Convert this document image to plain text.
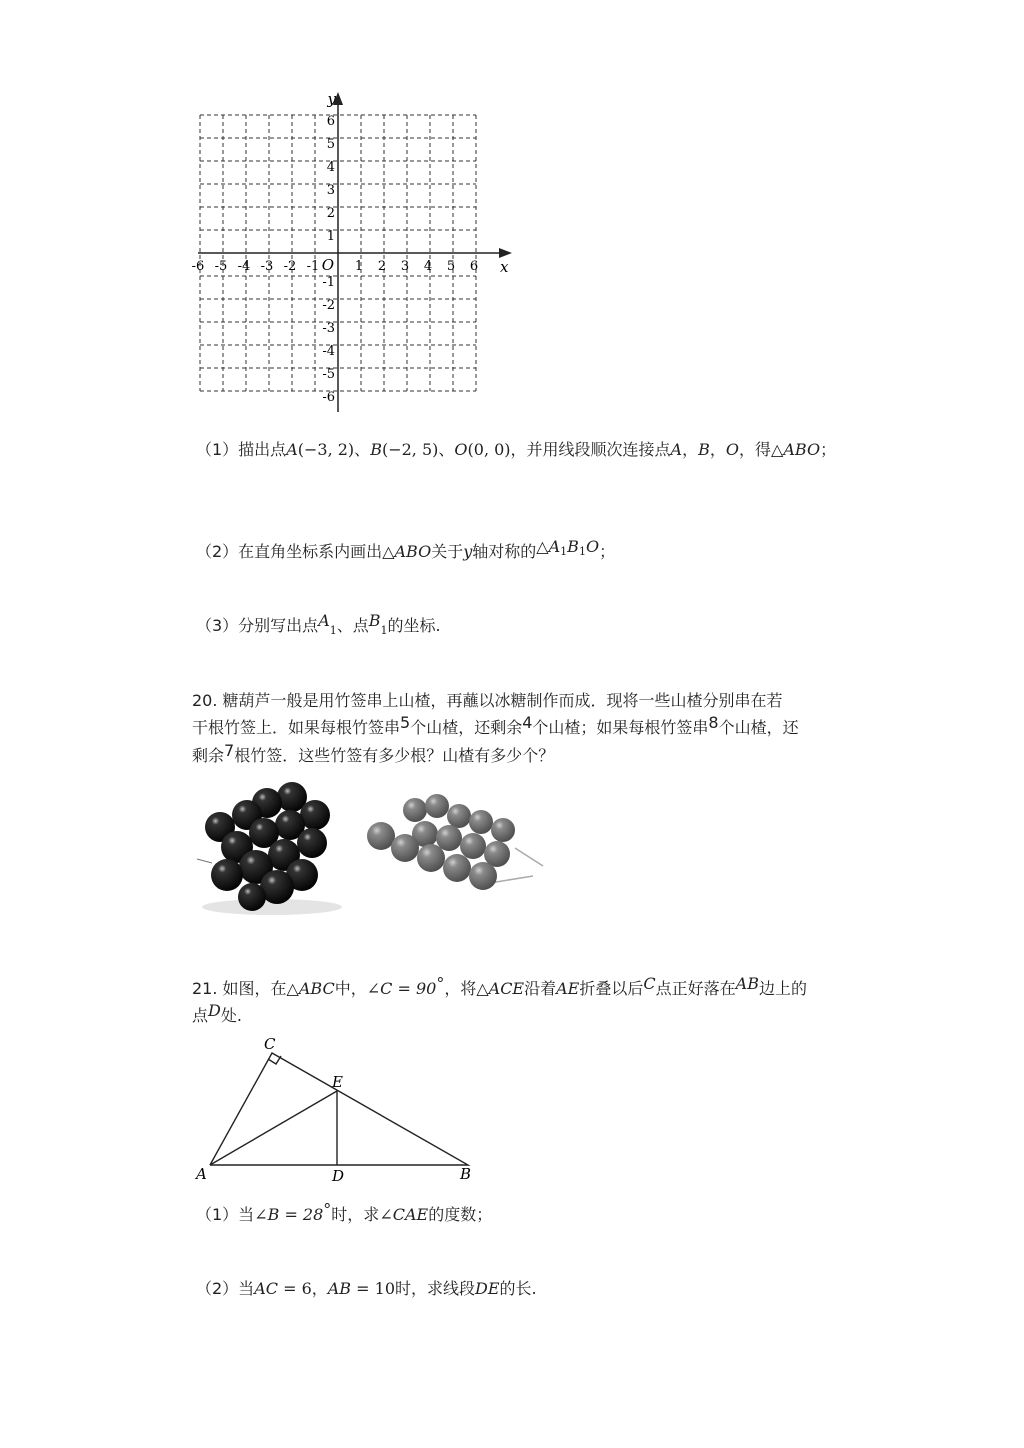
x
y
O
-6 -5 -4 -3 -2 -1	1 2 3 4 5 6
6
5
4
3
2
1
-1
-2
-3
-4
-5
-6
（1）描出点A(−3, 2)、B(−2, 5)、O(0, 0)，并用线段顺次连接点A，B，O，得△ABO；
（2）在直角坐标系内画出△ABO关于y轴对称的$\triangle A_1B_1O$；
（3）分别写出点$A_1$、点$B_1$的坐标.
20. 糖葫芦一般是用竹签串上山楂，再蘸以冰糖制作而成．现将一些山楂分别串在若
干根竹签上．如果每根竹签串5个山楂，还剩余4个山楂；如果每根竹签串8个山楂，还
剩余7根竹签．这些竹签有多少根？山楂有多少个？
21. 如图，在△ABC中，∠C = 90°，将△ACE沿着AE折叠以后C点正好落在AB边上的
点D处.
C
E
A	D	B
（1）当∠B = 28°时，求∠CAE的度数；
（2）当AC = 6，AB = 10时，求线段DE的长.
